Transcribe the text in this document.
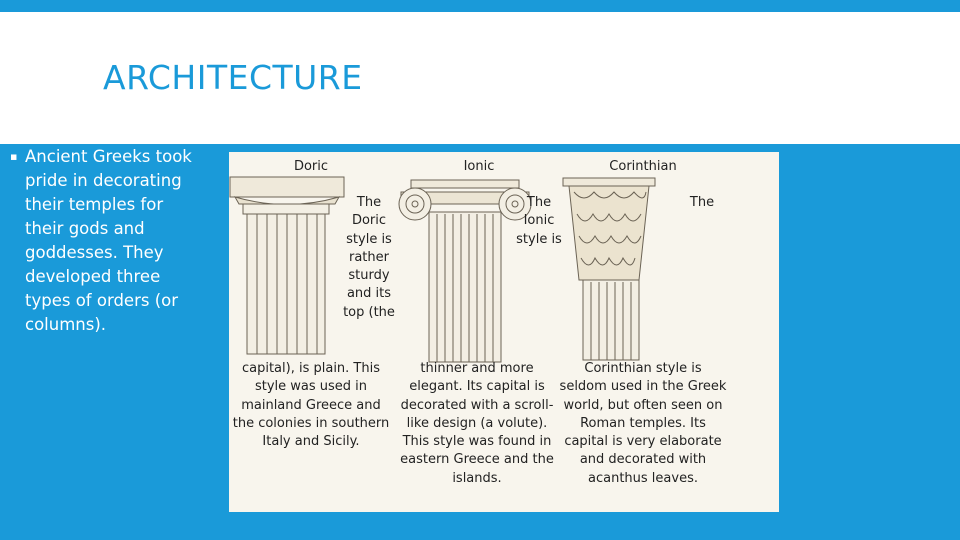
ARCHITECTURE
▪ Ancient Greeks took pride in decorating their temples for their gods and goddesses. They developed three types of orders (or columns).
Doric	Ionic	Corinthian
The Doric style is rather sturdy and its top (the
capital), is plain. This style was used in mainland Greece and the colonies in southern Italy and Sicily.
The Ionic style is
thinner and more elegant. Its capital is decorated with a scroll-like design (a volute). This style was found in eastern Greece and the islands.
The
Corinthian style is seldom used in the Greek world, but often seen on Roman temples. Its capital is very elaborate and decorated with acanthus leaves.
